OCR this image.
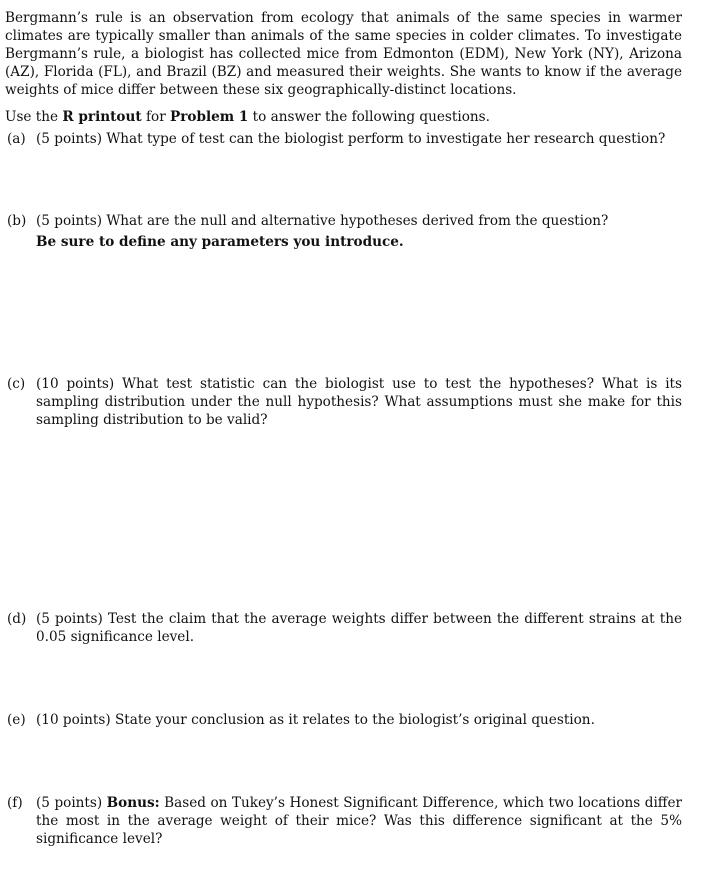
Bergmann’s rule is an observation from ecology that animals of the same species in warmer climates are typically smaller than animals of the same species in colder climates. To investigate Bergmann’s rule, a biologist has collected mice from Edmonton (EDM), New York (NY), Arizona (AZ), Florida (FL), and Brazil (BZ) and measured their weights. She wants to know if the average weights of mice differ between these six geographically-distinct locations.

Use the R printout for Problem 1 to answer the following questions.

(a) (5 points) What type of test can the biologist perform to investigate her research question?
(b) (5 points) What are the null and alternative hypotheses derived from the question?
Be sure to define any parameters you introduce.
(c) (10 points) What test statistic can the biologist use to test the hypotheses? What is its sampling distribution under the null hypothesis? What assumptions must she make for this sampling distribution to be valid?
(d) (5 points) Test the claim that the average weights differ between the different strains at the 0.05 significance level.
(e) (10 points) State your conclusion as it relates to the biologist’s original question.
(f) (5 points) Bonus: Based on Tukey’s Honest Significant Difference, which two locations differ the most in the average weight of their mice? Was this difference significant at the 5% significance level?
